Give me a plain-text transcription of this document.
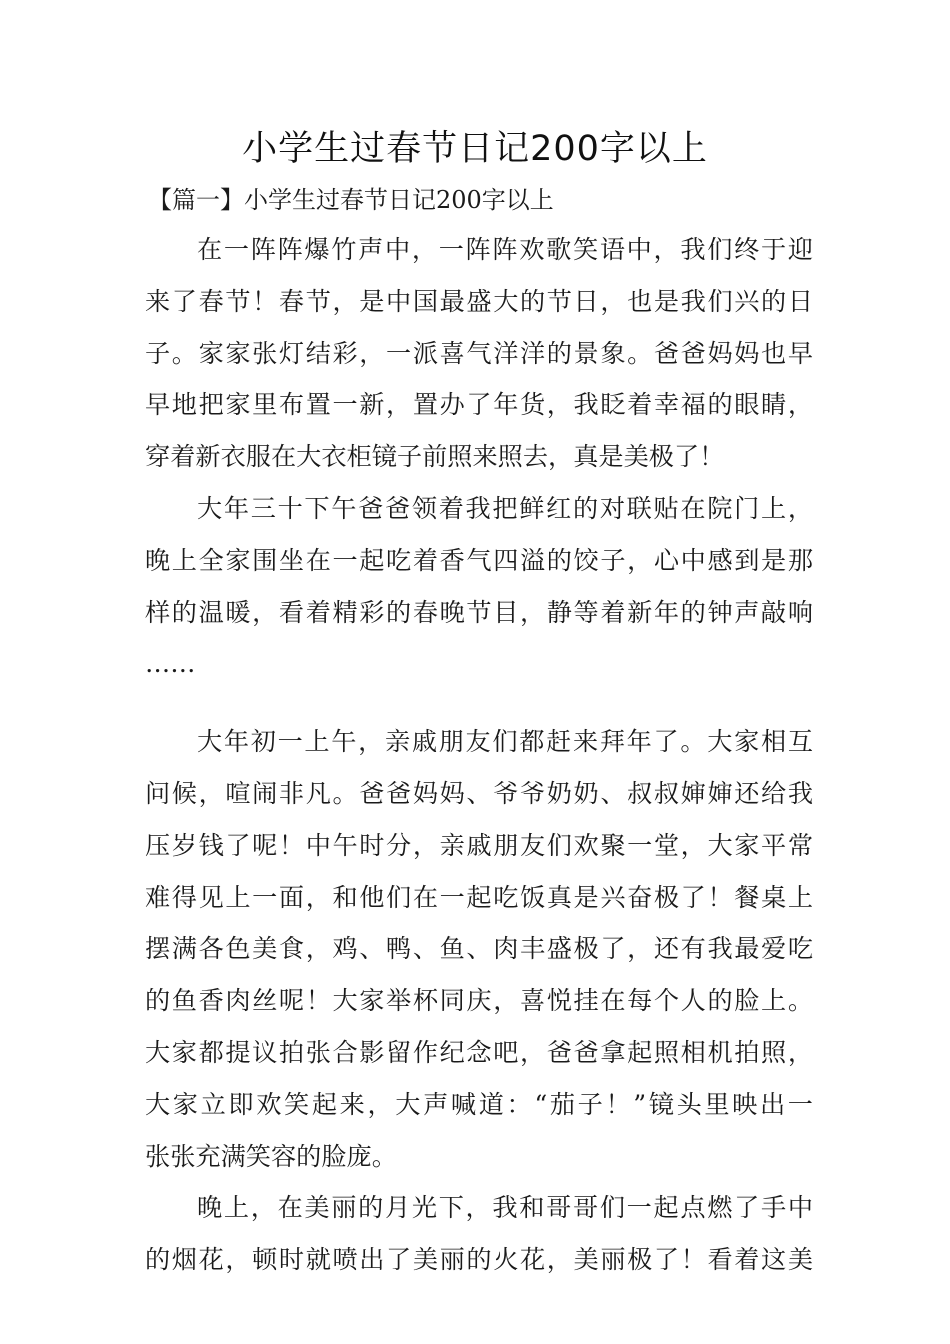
小学生过春节日记200字以上
【篇一】小学生过春节日记200字以上
在一阵阵爆竹声中，一阵阵欢歌笑语中，我们终于迎
来了春节！春节，是中国最盛大的节日，也是我们兴的日
子。家家张灯结彩，一派喜气洋洋的景象。爸爸妈妈也早
早地把家里布置一新，置办了年货，我眨着幸福的眼睛，
穿着新衣服在大衣柜镜子前照来照去，真是美极了！
大年三十下午爸爸领着我把鲜红的对联贴在院门上，
晚上全家围坐在一起吃着香气四溢的饺子，心中感到是那
样的温暖，看着精彩的春晚节目，静等着新年的钟声敲响
……
大年初一上午，亲戚朋友们都赶来拜年了。大家相互
问候，喧闹非凡。爸爸妈妈、爷爷奶奶、叔叔婶婶还给我
压岁钱了呢！中午时分，亲戚朋友们欢聚一堂，大家平常
难得见上一面，和他们在一起吃饭真是兴奋极了！餐桌上
摆满各色美食，鸡、鸭、鱼、肉丰盛极了，还有我最爱吃
的鱼香肉丝呢！大家举杯同庆，喜悦挂在每个人的脸上。
大家都提议拍张合影留作纪念吧，爸爸拿起照相机拍照，
大家立即欢笑起来，大声喊道：“茄子！”镜头里映出一
张张充满笑容的脸庞。
晚上，在美丽的月光下，我和哥哥们一起点燃了手中
的烟花，顿时就喷出了美丽的火花，美丽极了！看着这美
